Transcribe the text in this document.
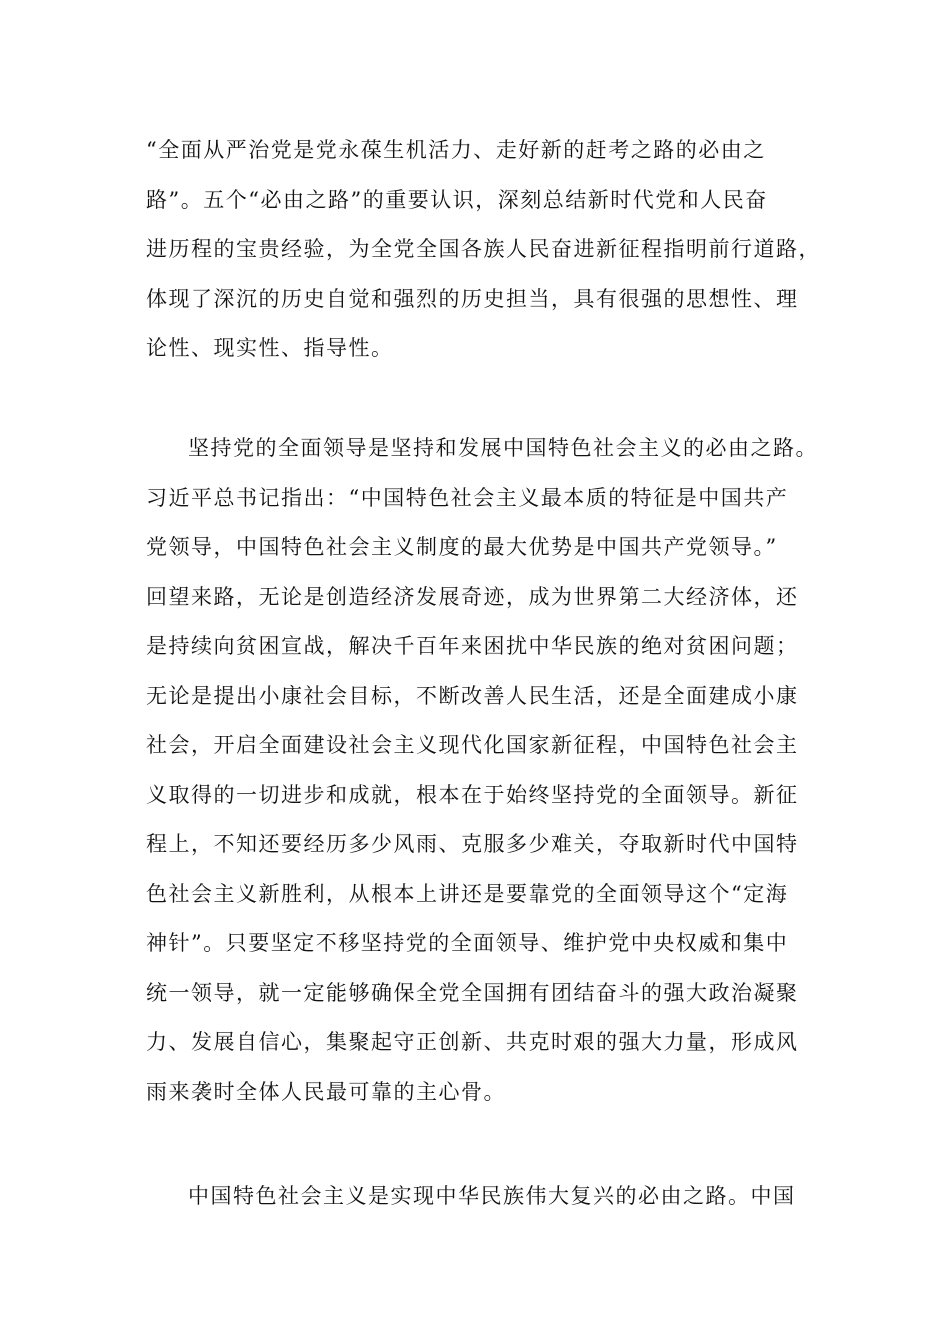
“全面从严治党是党永葆生机活力、走好新的赶考之路的必由之
路”。五个“必由之路”的重要认识，深刻总结新时代党和人民奋
进历程的宝贵经验，为全党全国各族人民奋进新征程指明前行道路，
体现了深沉的历史自觉和强烈的历史担当，具有很强的思想性、理
论性、现实性、指导性。

坚持党的全面领导是坚持和发展中国特色社会主义的必由之路。
习近平总书记指出：“中国特色社会主义最本质的特征是中国共产
党领导，中国特色社会主义制度的最大优势是中国共产党领导。”
回望来路，无论是创造经济发展奇迹，成为世界第二大经济体，还
是持续向贫困宣战，解决千百年来困扰中华民族的绝对贫困问题；
无论是提出小康社会目标，不断改善人民生活，还是全面建成小康
社会，开启全面建设社会主义现代化国家新征程，中国特色社会主
义取得的一切进步和成就，根本在于始终坚持党的全面领导。新征
程上，不知还要经历多少风雨、克服多少难关，夺取新时代中国特
色社会主义新胜利，从根本上讲还是要靠党的全面领导这个“定海
神针”。只要坚定不移坚持党的全面领导、维护党中央权威和集中
统一领导，就一定能够确保全党全国拥有团结奋斗的强大政治凝聚
力、发展自信心，集聚起守正创新、共克时艰的强大力量，形成风
雨来袭时全体人民最可靠的主心骨。

中国特色社会主义是实现中华民族伟大复兴的必由之路。中国
